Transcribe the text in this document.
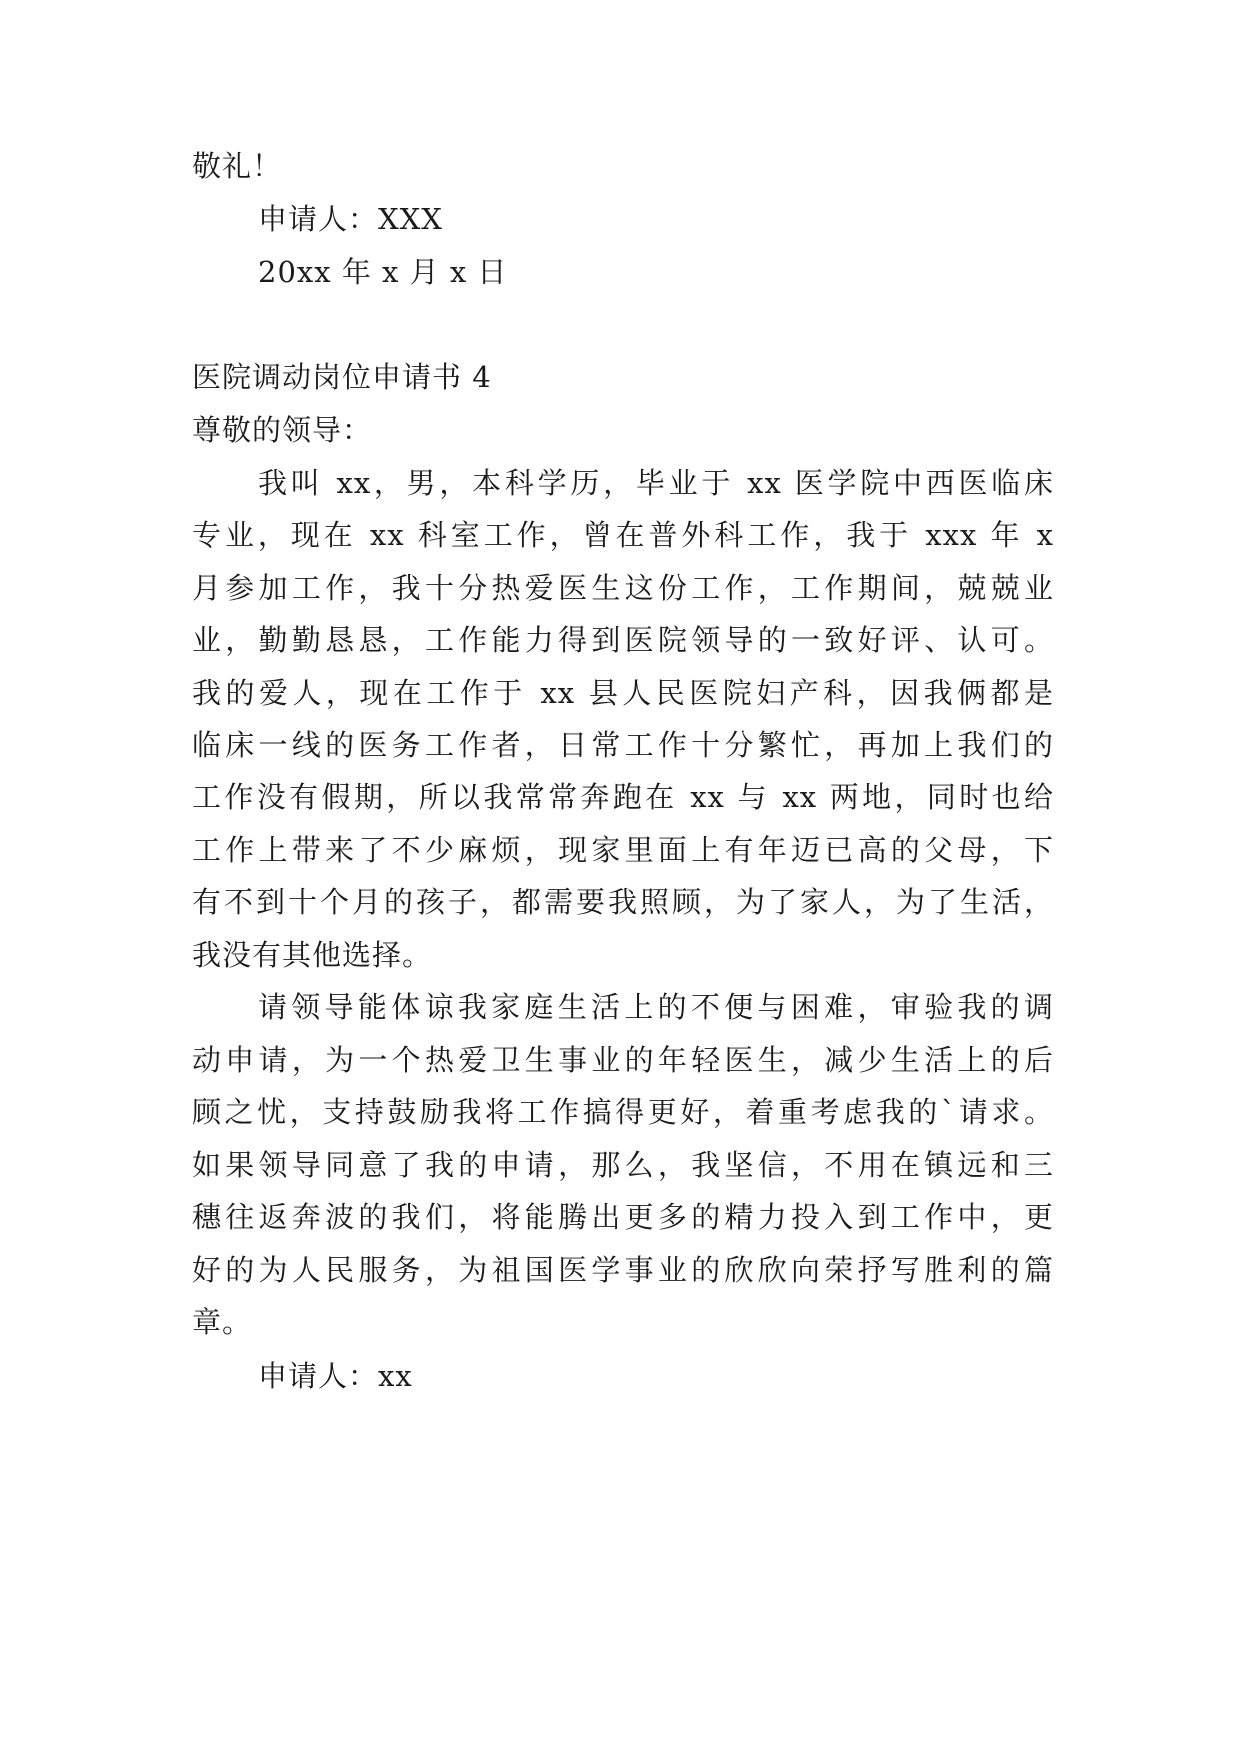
敬礼！
申请人：XXX
20xx 年 x 月 x 日
医院调动岗位申请书 4
尊敬的领导：
我叫 xx，男，本科学历，毕业于 xx 医学院中西医临床
专业，现在 xx 科室工作，曾在普外科工作，我于 xxx 年 x
月参加工作，我十分热爱医生这份工作，工作期间，兢兢业
业，勤勤恳恳，工作能力得到医院领导的一致好评、认可。
我的爱人，现在工作于 xx 县人民医院妇产科，因我俩都是
临床一线的医务工作者，日常工作十分繁忙，再加上我们的
工作没有假期，所以我常常奔跑在 xx 与 xx 两地，同时也给
工作上带来了不少麻烦，现家里面上有年迈已高的父母，下
有不到十个月的孩子，都需要我照顾，为了家人，为了生活，
我没有其他选择。
请领导能体谅我家庭生活上的不便与困难，审验我的调
动申请，为一个热爱卫生事业的年轻医生，减少生活上的后
顾之忧，支持鼓励我将工作搞得更好，着重考虑我的`请求。
如果领导同意了我的申请，那么，我坚信，不用在镇远和三
穗往返奔波的我们，将能腾出更多的精力投入到工作中，更
好的为人民服务，为祖国医学事业的欣欣向荣抒写胜利的篇
章。
申请人：xx
